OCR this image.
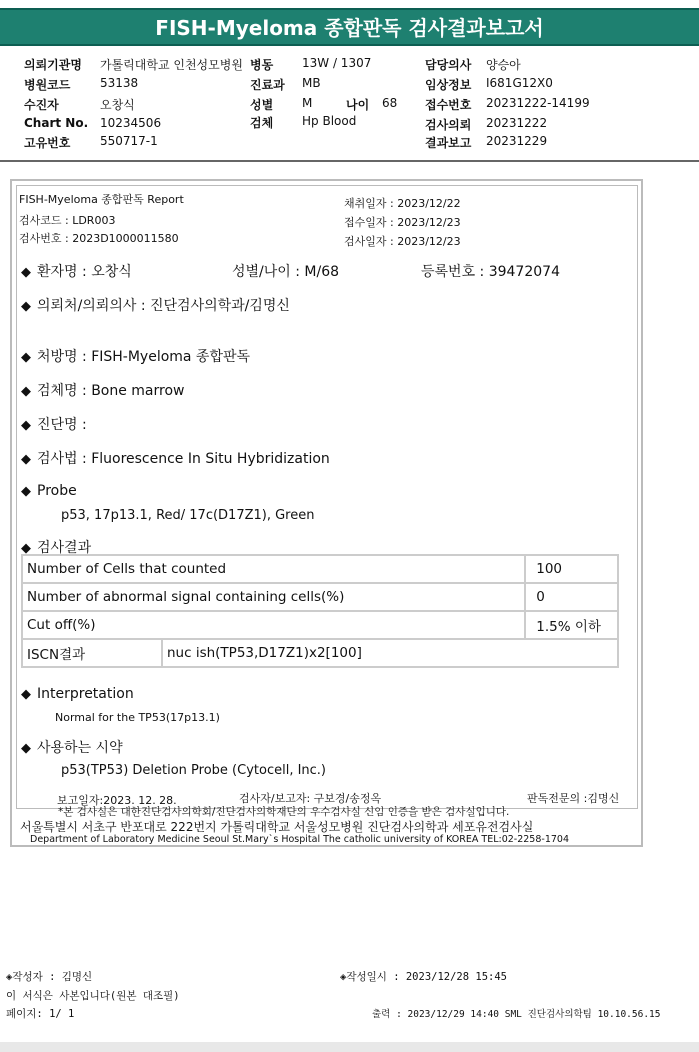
FISH-Myeloma 종합판독 검사결과보고서
의뢰기관명 가톨릭대학교 인천성모병원 병동 13W / 1307	담당의사 양승아
병원코드 53138	진료과 MB	임상정보 I681G12X0
수진자	오창식	성별 M	나이 68 접수번호 20231222-14199
Chart No. 10234506	검체 Hp Blood	검사의뢰 20231222
고유번호 550717-1	결과보고 20231229
FISH-Myeloma 종합판독 Report
검사코드 : LDR003
검사번호 : 2023D1000011580
채취일자 : 2023/12/22
접수일자 : 2023/12/23
검사일자 : 2023/12/23
◆ 환자명 : 오창식	성별/나이 : M/68	등록번호 : 39472074
◆ 의뢰처/의뢰의사 : 진단검사의학과/김명신
◆ 처방명 : FISH-Myeloma 종합판독
◆ 검체명 : Bone marrow
◆ 진단명 :
◆ 검사법 : Fluorescence In Situ Hybridization
◆ Probe
p53, 17p13.1, Red/ 17c(D17Z1), Green
◆ 검사결과
Number of Cells that counted		100
Number of abnormal signal containing cells(%)		0
Cut off(%)		1.5% 이하
ISCN결과	nuc ish(TP53,D17Z1)x2[100]	
◆ Interpretation
Normal for the TP53(17p13.1)
◆ 사용하는 시약
p53(TP53) Deletion Probe (Cytocell, Inc.)
보고일자:2023. 12. 28.	검사자/보고자: 구보경/송정옥	판독전문의 :김명신
*본 검사실은 대한진단검사의학회/진단검사의학재단의 우수검사실 신임 인증을 받은 검사실입니다.
서울특별시 서초구 반포대로 222번지 가톨릭대학교 서울성모병원 진단검사의학과 세포유전검사실
Department of Laboratory Medicine Seoul St.Mary`s Hospital The catholic university of KOREA TEL:02-2258-1704
◈작성자 : 김명신	◈작성일시 : 2023/12/28 15:45
이 서식은 사본입니다(원본 대조필)
페이지: 1/ 1	출력 : 2023/12/29 14:40 SML 진단검사의학팀 10.10.56.15
